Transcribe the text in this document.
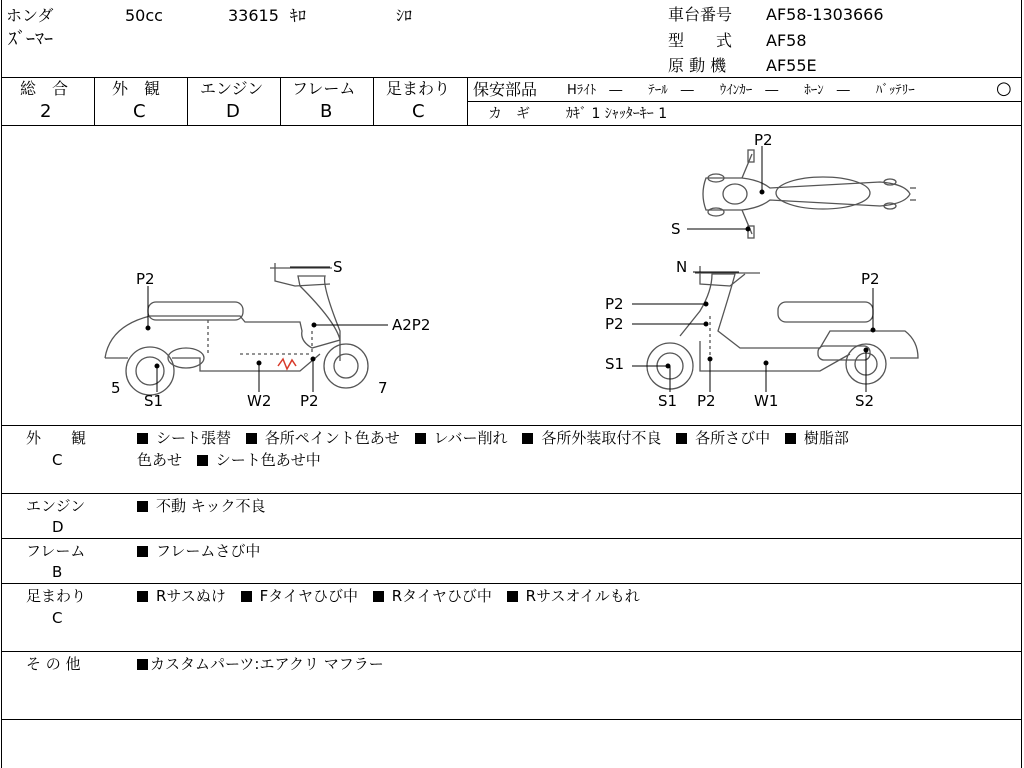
ホンダ	50cc	33615 ｷﾛ	ｼﾛ
ｽﾞｰﾏｰ
車台番号 AF58-1303666
型　　式 AF58
原 動 機 AF55E
総　合
2
外　観
C
エンジン
D
フレーム
B
足まわり
C
保安部品 Hﾗｲﾄ　―　　ﾃｰﾙ　―　　ｳｲﾝｶｰ　―　　ﾎｰﾝ　―　　ﾊﾞｯﾃﾘｰ	○
カ　ギ	ｶｷﾞ 1 ｼｬｯﾀｰｷｰ 1
P2
S
S
P2
A2P2
5	7
S1	W2 P2
N
P2
P2
P2
S1
S1 P2	W1	S2
外　　観
C
シート張替 各所ペイント色あせ レバー削れ 各所外装取付不良 各所さび中 樹脂部
色あせ シート色あせ中
エンジン
D
不動 キック不良
フレーム
B
フレームさび中
足まわり
C
Rサスぬけ Fタイヤひび中 Rタイヤひび中 Rサスオイルもれ
そ の 他	カスタムパーツ:エアクリ マフラー
